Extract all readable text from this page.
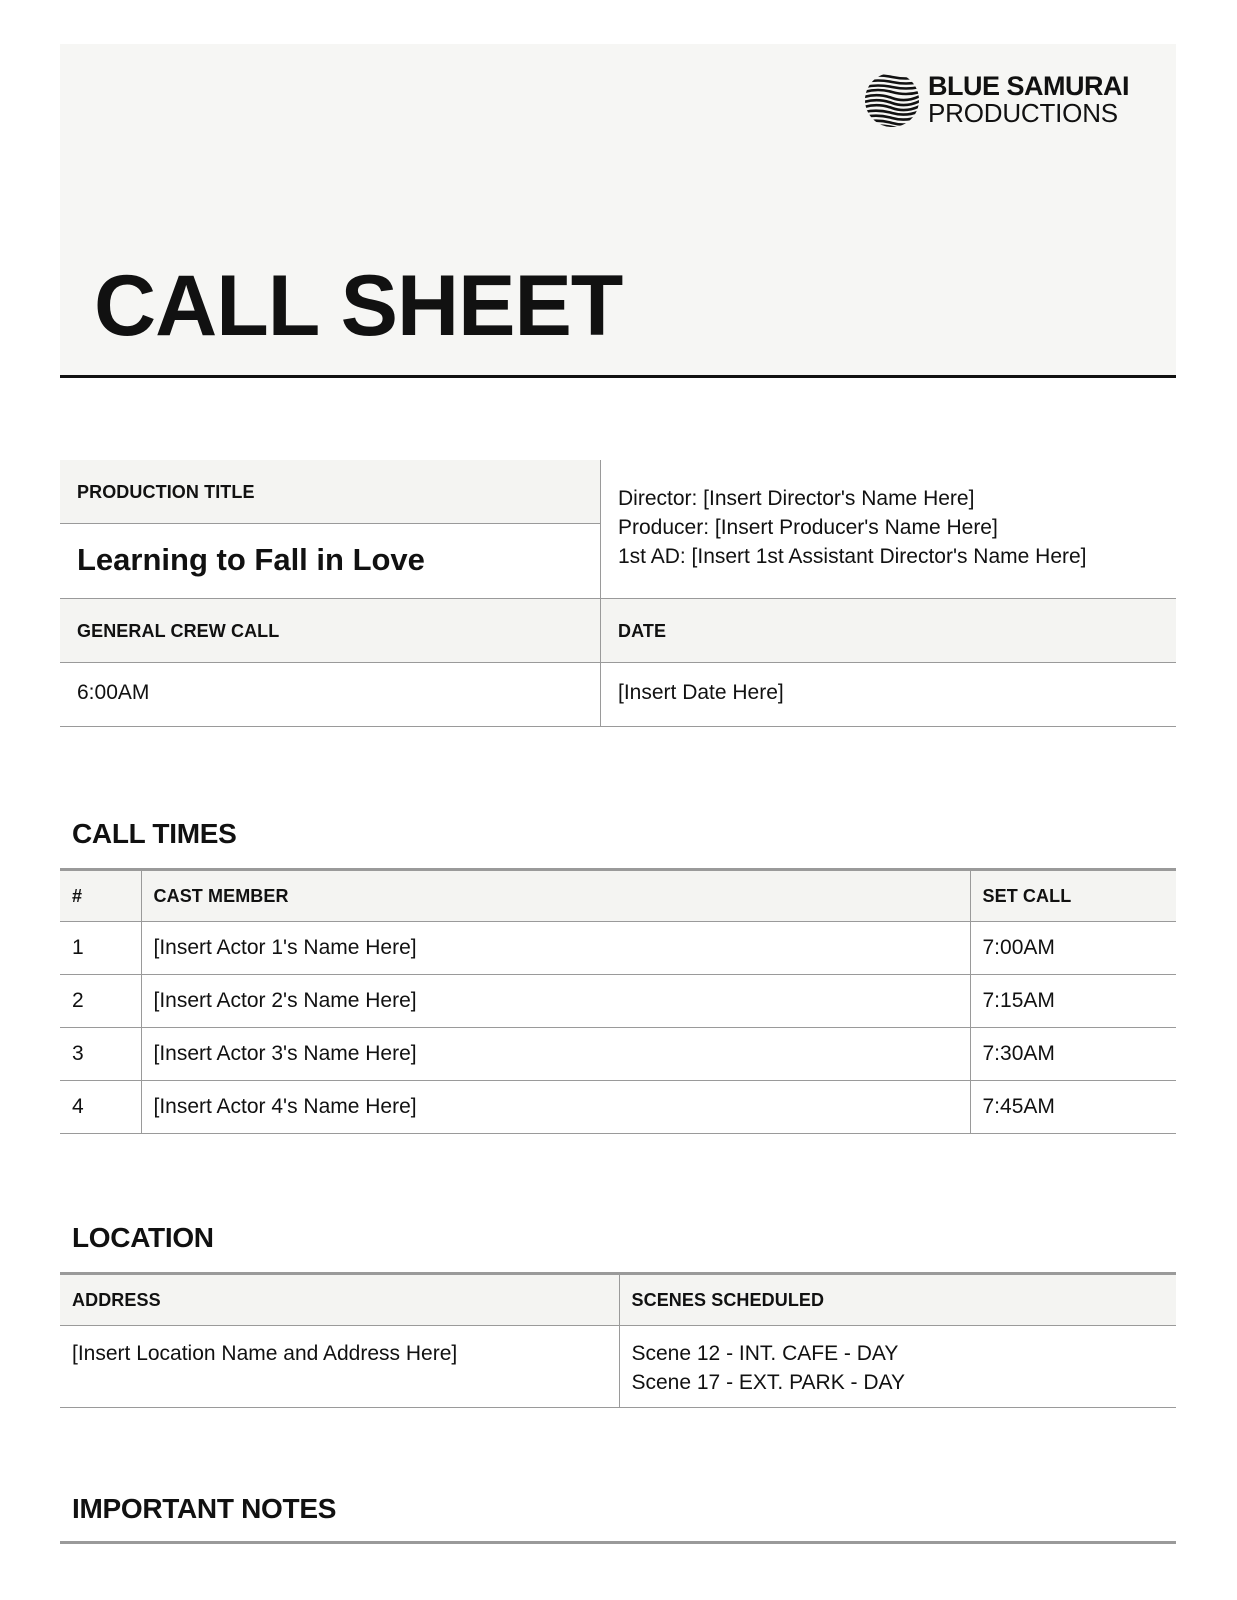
BLUE SAMURAI
PRODUCTIONS
CALL SHEET
PRODUCTION TITLE
Learning to Fall in Love
Director: [Insert Director's Name Here]
Producer: [Insert Producer's Name Here]
1st AD: [Insert 1st Assistant Director's Name Here]
GENERAL CREW CALL	DATE
6:00AM	[Insert Date Here]
CALL TIMES
#	CAST MEMBER	SET CALL
1	[Insert Actor 1's Name Here]	7:00AM
2	[Insert Actor 2's Name Here]	7:15AM
3	[Insert Actor 3's Name Here]	7:30AM
4	[Insert Actor 4's Name Here]	7:45AM
LOCATION
ADDRESS	SCENES SCHEDULED
[Insert Location Name and Address Here]	Scene 12 - INT. CAFE - DAY
Scene 17 - EXT. PARK - DAY
IMPORTANT NOTES
